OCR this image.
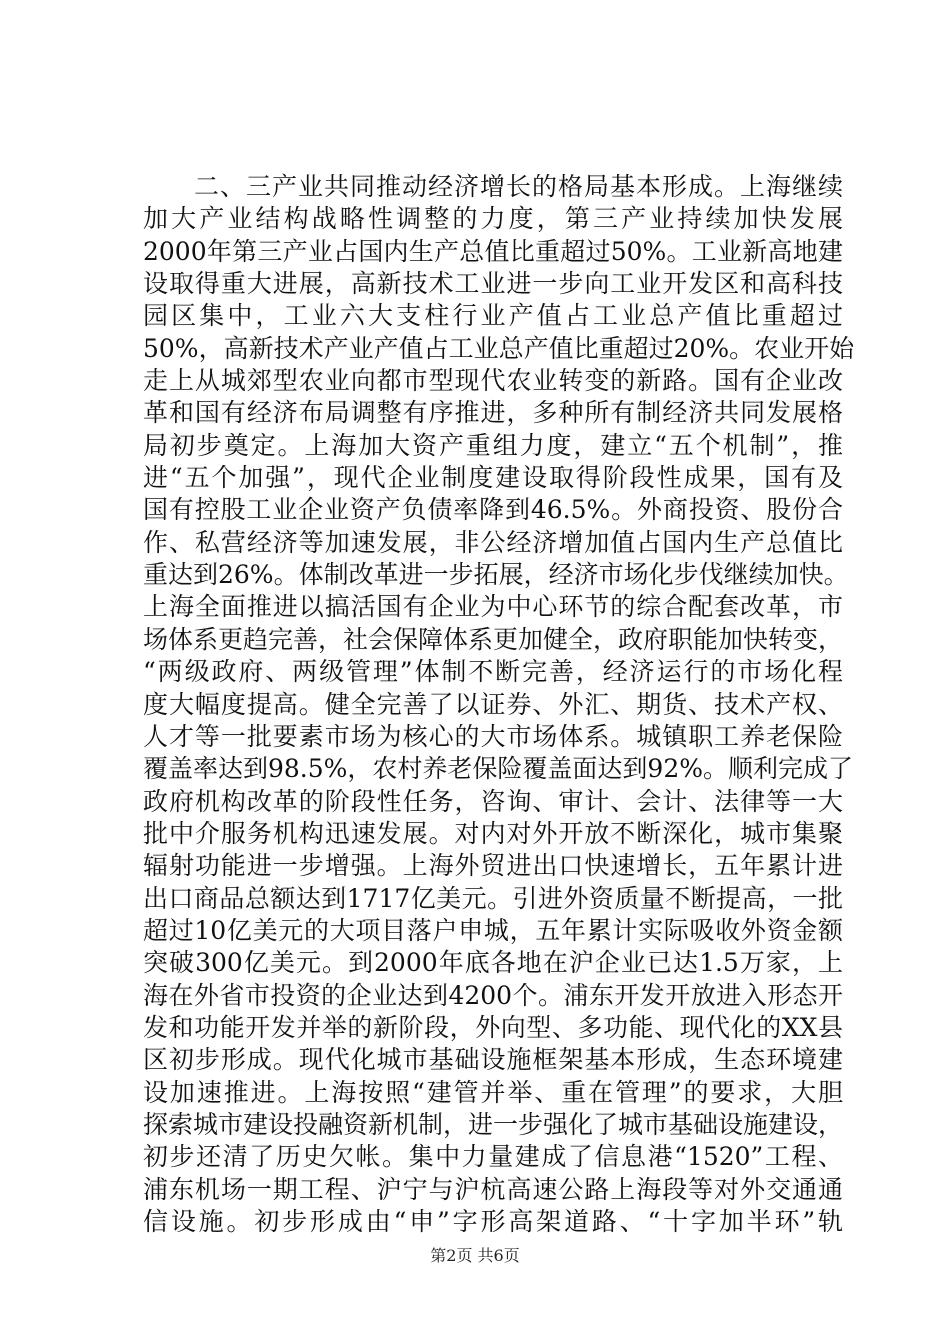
二、三产业共同推动经济增长的格局基本形成。上海继续
加大产业结构战略性调整的力度，第三产业持续加快发展
2000年第三产业占国内生产总值比重超过50%。工业新高地建
设取得重大进展，高新技术工业进一步向工业开发区和高科技
园区集中，工业六大支柱行业产值占工业总产值比重超过
50%，高新技术产业产值占工业总产值比重超过20%。农业开始
走上从城郊型农业向都市型现代农业转变的新路。国有企业改
革和国有经济布局调整有序推进，多种所有制经济共同发展格
局初步奠定。上海加大资产重组力度，建立“五个机制”，推
进“五个加强”，现代企业制度建设取得阶段性成果，国有及
国有控股工业企业资产负债率降到46.5%。外商投资、股份合
作、私营经济等加速发展，非公经济增加值占国内生产总值比
重达到26%。体制改革进一步拓展，经济市场化步伐继续加快。
上海全面推进以搞活国有企业为中心环节的综合配套改革，市
场体系更趋完善，社会保障体系更加健全，政府职能加快转变，
“两级政府、两级管理”体制不断完善，经济运行的市场化程
度大幅度提高。健全完善了以证券、外汇、期货、技术产权、
人才等一批要素市场为核心的大市场体系。城镇职工养老保险
覆盖率达到98.5%，农村养老保险覆盖面达到92%。顺利完成了
政府机构改革的阶段性任务，咨询、审计、会计、法律等一大
批中介服务机构迅速发展。对内对外开放不断深化，城市集聚
辐射功能进一步增强。上海外贸进出口快速增长，五年累计进
出口商品总额达到1717亿美元。引进外资质量不断提高，一批
超过10亿美元的大项目落户申城，五年累计实际吸收外资金额
突破300亿美元。到2000年底各地在沪企业已达1.5万家，上
海在外省市投资的企业达到4200个。浦东开发开放进入形态开
发和功能开发并举的新阶段，外向型、多功能、现代化的XX县
区初步形成。现代化城市基础设施框架基本形成，生态环境建
设加速推进。上海按照“建管并举、重在管理”的要求，大胆
探索城市建设投融资新机制，进一步强化了城市基础设施建设，
初步还清了历史欠帐。集中力量建成了信息港“1520”工程、
浦东机场一期工程、沪宁与沪杭高速公路上海段等对外交通通
信设施。初步形成由“申”字形高架道路、“十字加半环”轨
第2页 共6页
